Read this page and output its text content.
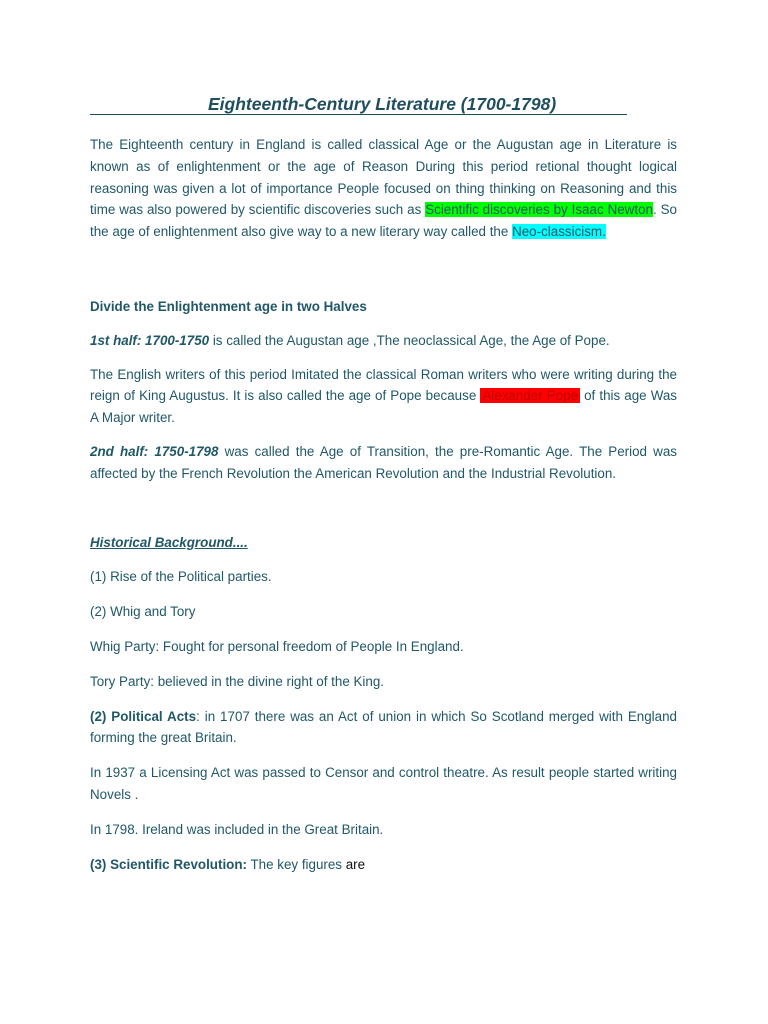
Eighteenth-Century Literature (1700-1798)

The Eighteenth century in England is called classical Age or the Augustan age in Literature is known as of enlightenment or the age of Reason During this period retional thought logical reasoning was given a lot of importance People focused on thing thinking on Reasoning and this time was also powered by scientific discoveries such as Scientific discoveries by Isaac Newton. So the age of enlightenment also give way to a new literary way called the Neo-classicism.

Divide the Enlightenment age in two Halves

1st half: 1700-1750 is called the Augustan age ,The neoclassical Age, the Age of Pope.

The English writers of this period Imitated the classical Roman writers who were writing during the reign of King Augustus. It is also called the age of Pope because Alexander Pope of this age Was A Major writer.

2nd half: 1750-1798 was called the Age of Transition, the pre-Romantic Age. The Period was affected by the French Revolution the American Revolution and the Industrial Revolution.

Historical Background....

(1) Rise of the Political parties.

(2) Whig and Tory

Whig Party: Fought for personal freedom of People In England.

Tory Party: believed in the divine right of the King.

(2) Political Acts: in 1707 there was an Act of union in which So Scotland merged with England forming the great Britain.

In 1937 a Licensing Act was passed to Censor and control theatre. As result people started writing Novels .

In 1798. Ireland was included in the Great Britain.

(3) Scientific Revolution: The key figures are
